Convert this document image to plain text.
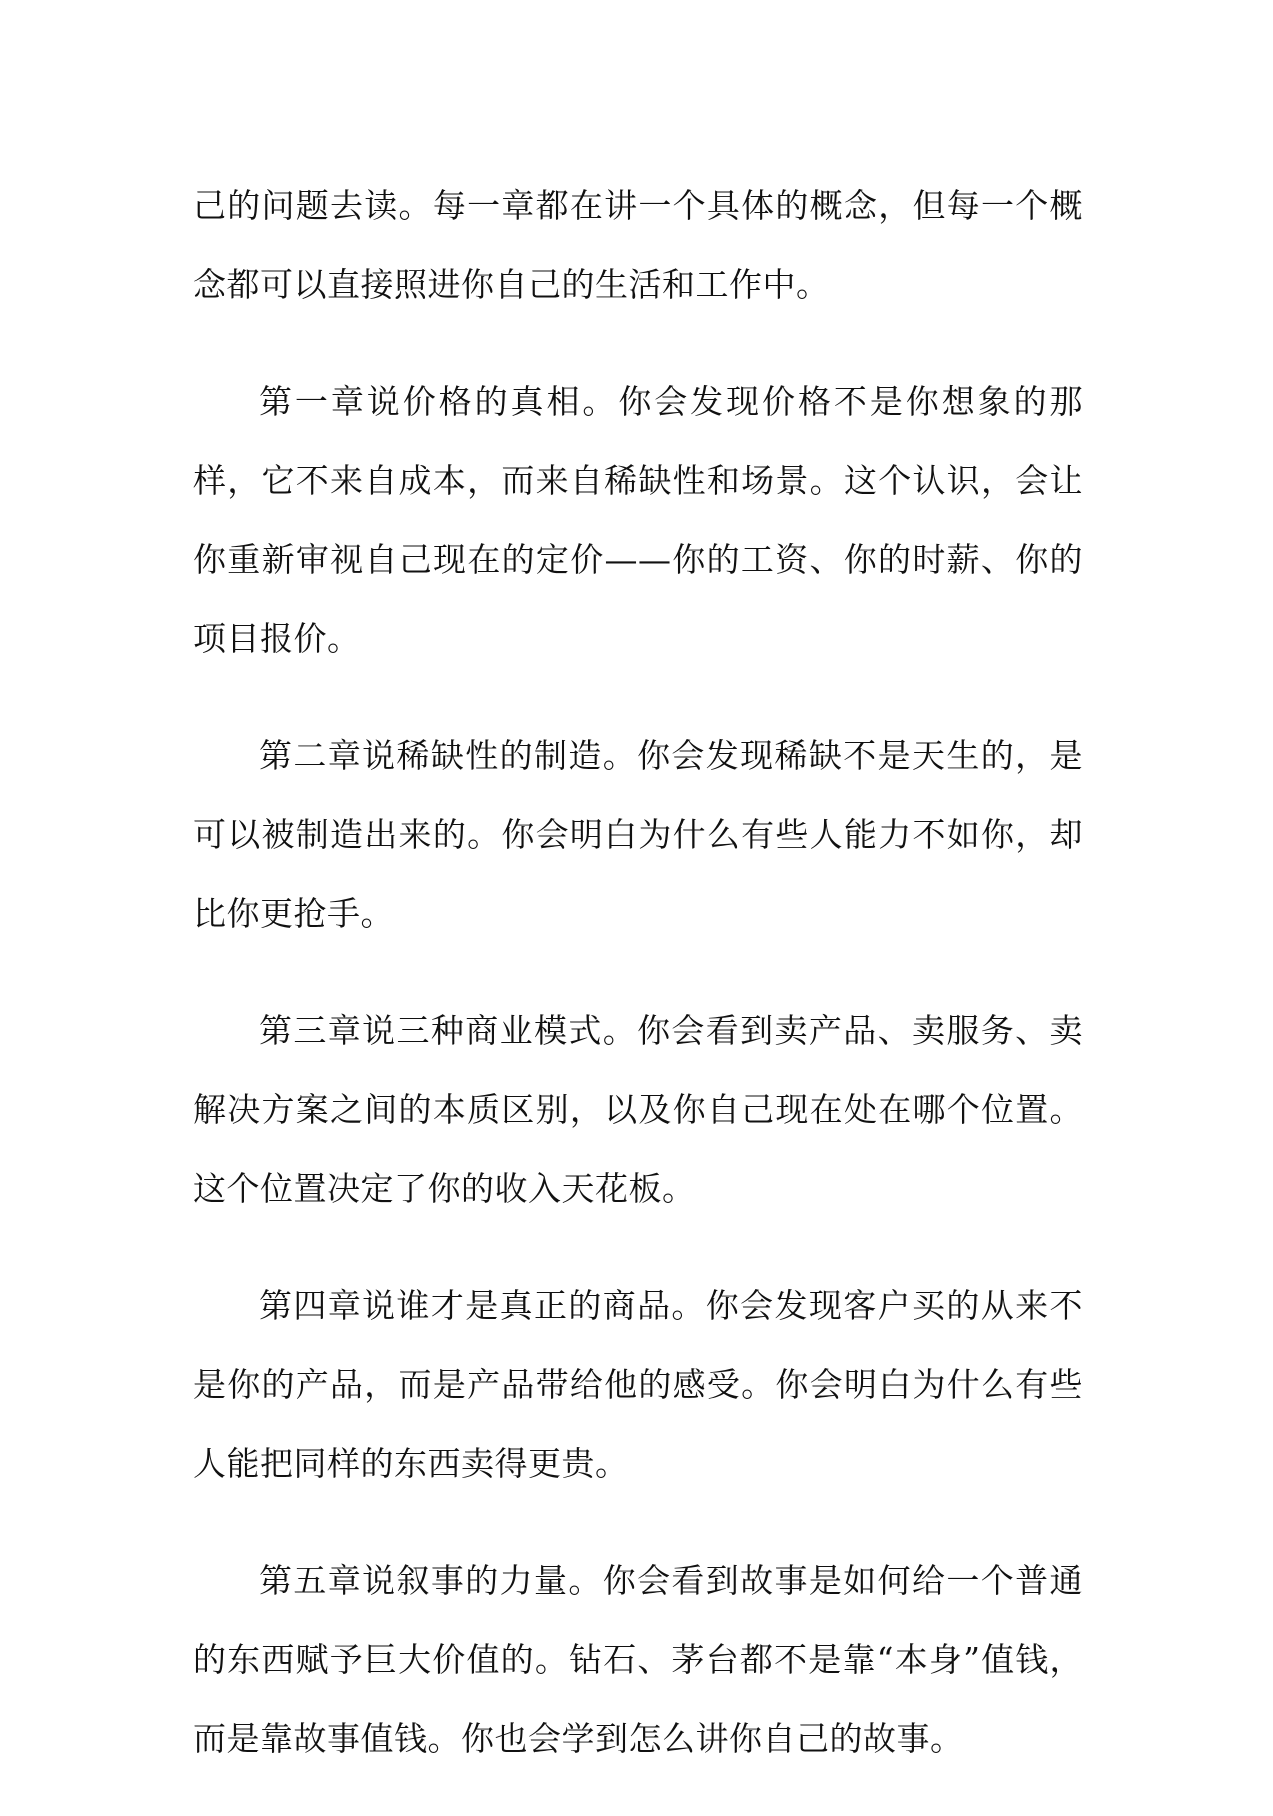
己的问题去读。每一章都在讲一个具体的概念，但每一个概念都可以直接照进你自己的生活和工作中。

第一章说价格的真相。你会发现价格不是你想象的那样，它不来自成本，而来自稀缺性和场景。这个认识，会让你重新审视自己现在的定价——你的工资、你的时薪、你的项目报价。

第二章说稀缺性的制造。你会发现稀缺不是天生的，是可以被制造出来的。你会明白为什么有些人能力不如你，却比你更抢手。

第三章说三种商业模式。你会看到卖产品、卖服务、卖解决方案之间的本质区别，以及你自己现在处在哪个位置。这个位置决定了你的收入天花板。

第四章说谁才是真正的商品。你会发现客户买的从来不是你的产品，而是产品带给他的感受。你会明白为什么有些人能把同样的东西卖得更贵。

第五章说叙事的力量。你会看到故事是如何给一个普通的东西赋予巨大价值的。钻石、茅台都不是靠“本身”值钱，而是靠故事值钱。你也会学到怎么讲你自己的故事。
